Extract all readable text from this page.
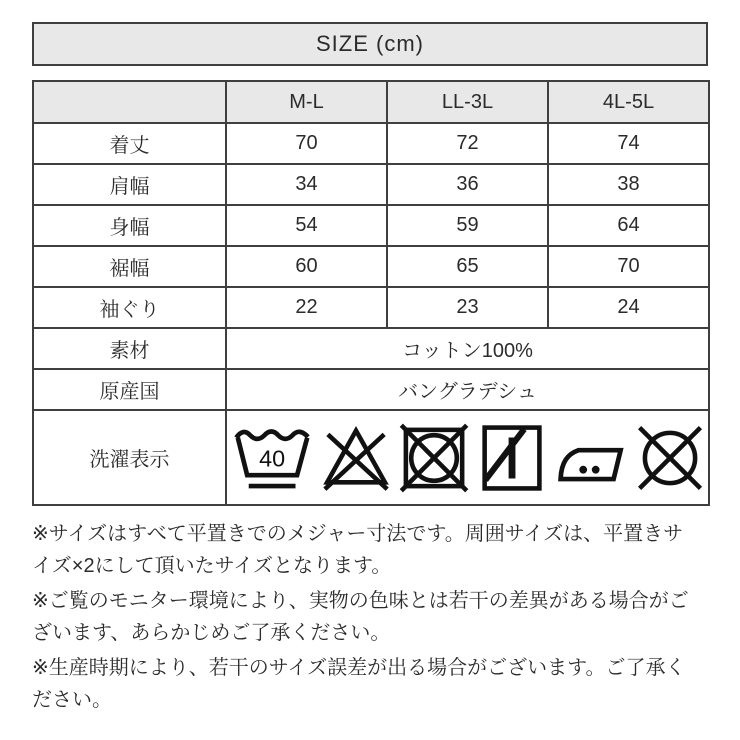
SIZE (cm)
	M-L	LL-3L	4L-5L
着丈	70	72	74
肩幅	34	36	38
身幅	54	59	64
裾幅	60	65	70
袖ぐり	22	23	24
素材	コットン100%		
原産国	バングラデシュ		
洗濯表示	40		

※サイズはすべて平置きでのメジャー寸法です。周囲サイズは、平置きサイズ×2にして頂いたサイズとなります。

※ご覧のモニター環境により、実物の色味とは若干の差異がある場合がございます、あらかじめご了承ください。

※生産時期により、若干のサイズ誤差が出る場合がございます。ご了承ください。
